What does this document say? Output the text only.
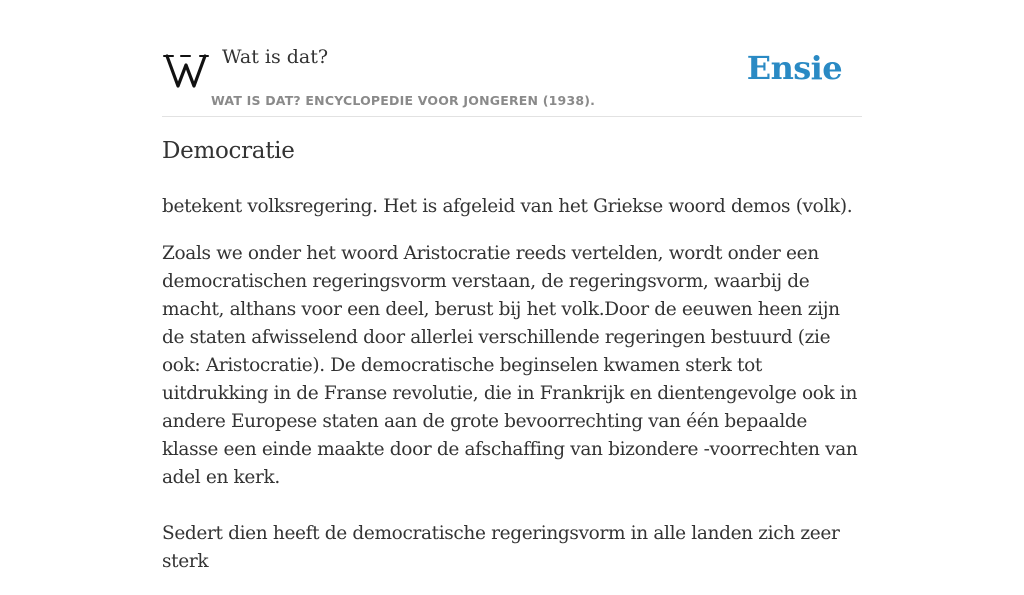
Wat is dat?
WAT IS DAT? ENCYCLOPEDIE VOOR JONGEREN (1938).
Ensie
Democratie

betekent volksregering. Het is afgeleid van het Griekse woord demos (volk).

Zoals we onder het woord Aristocratie reeds vertelden, wordt onder een democratischen regeringsvorm verstaan, de regeringsvorm, waarbij de macht, althans voor een deel, berust bij het volk.Door de eeuwen heen zijn de staten afwisselend door allerlei verschillende regeringen bestuurd (zie ook: Aristocratie). De democratische beginselen kwamen sterk tot uitdrukking in de Franse revolutie, die in Frankrijk en dientengevolge ook in andere Europese staten aan de grote bevoorrechting van één bepaalde klasse een einde maakte door de afschaffing van bizondere -voorrechten van adel en kerk.

Sedert dien heeft de democratische regeringsvorm in alle landen zich zeer sterk
